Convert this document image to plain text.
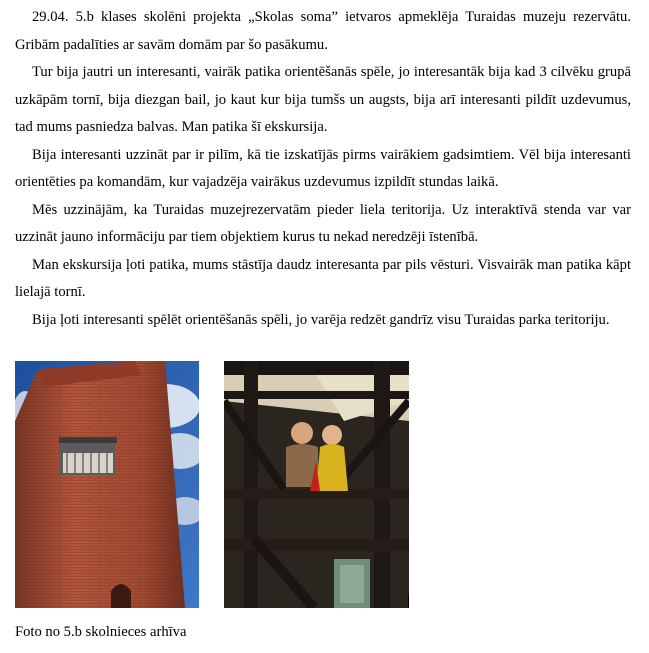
29.04. 5.b klases skolēni projekta „Skolas soma” ietvaros apmeklēja Turaidas muzeju rezervātu. Gribām padalīties ar savām domām par šo pasākumu.

Tur bija jautri un interesanti, vairāk patika orientēšanās spēle, jo interesantāk bija kad 3 cilvēku grupā uzkāpām tornī, bija diezgan bail, jo kaut kur bija tumšs un augsts, bija arī interesanti pildīt uzdevumus, tad mums pasniedza balvas. Man patika šī ekskursija.

Bija interesanti uzzināt par ir pilīm, kā tie izskatījās pirms vairākiem gadsimtiem. Vēl bija interesanti orientēties pa komandām, kur vajadzēja vairākus uzdevumus izpildīt stundas laikā.

Mēs uzzinājām, ka Turaidas muzejrezervatām pieder liela teritorija. Uz interaktīvā stenda var var uzzināt jauno informāciju par tiem objektiem kurus tu nekad neredzēji īstenībā.

Man ekskursija ļoti patika, mums stāstīja daudz interesanta par pils vēsturi. Visvairāk man patika kāpt lielajā tornī.

Bija ļoti interesanti spēlēt orientēšanās spēli, jo varēja redzēt gandrīz visu Turaidas parka teritoriju.

Foto no 5.b skolnieces arhīva
